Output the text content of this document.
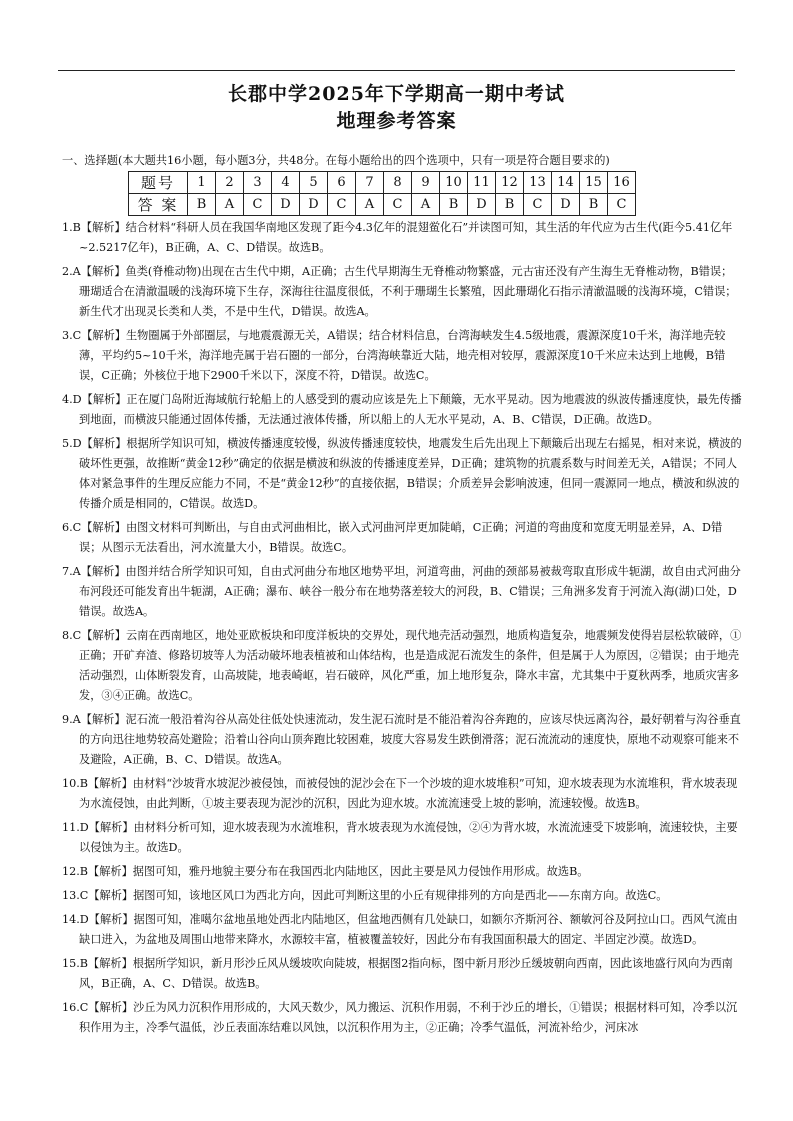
长郡中学2025年下学期高一期中考试
地理参考答案
一、选择题(本大题共16小题，每小题3分，共48分。在每小题给出的四个选项中，只有一项是符合题目要求的)
题号	1	2	3	4	5	6	7	8	9	10	11	12	13	14	15	16
答 案	B	A	C	D	D	C	A	C	A	B	D	B	C	D	B	C

1.B【解析】结合材料“科研人员在我国华南地区发现了距今4.3亿年的混翅鲎化石”并读图可知，其生活的年代应为古生代(距今5.41亿年~2.5217亿年)，B正确，A、C、D错误。故选B。

2.A【解析】鱼类(脊椎动物)出现在古生代中期，A正确；古生代早期海生无脊椎动物繁盛，元古宙还没有产生海生无脊椎动物，B错误；珊瑚适合在清澈温暖的浅海环境下生存，深海往往温度很低，不利于珊瑚生长繁殖，因此珊瑚化石指示清澈温暖的浅海环境，C错误；新生代才出现灵长类和人类，不是中生代，D错误。故选A。

3.C【解析】生物圈属于外部圈层，与地震震源无关，A错误；结合材料信息，台湾海峡发生4.5级地震，震源深度10千米，海洋地壳较薄，平均约5~10千米，海洋地壳属于岩石圈的一部分，台湾海峡靠近大陆，地壳相对较厚，震源深度10千米应未达到上地幔，B错误，C正确；外核位于地下2900千米以下，深度不符，D错误。故选C。

4.D【解析】正在厦门岛附近海域航行轮船上的人感受到的震动应该是先上下颠簸，无水平晃动。因为地震波的纵波传播速度快，最先传播到地面，而横波只能通过固体传播，无法通过液体传播，所以船上的人无水平晃动，A、B、C错误，D正确。故选D。

5.D【解析】根据所学知识可知，横波传播速度较慢，纵波传播速度较快，地震发生后先出现上下颠簸后出现左右摇晃，相对来说，横波的破坏性更强，故推断“黄金12秒”确定的依据是横波和纵波的传播速度差异，D正确；建筑物的抗震系数与时间差无关，A错误；不同人体对紧急事件的生理反应能力不同，不是“黄金12秒”的直接依据，B错误；介质差异会影响波速，但同一震源同一地点，横波和纵波的传播介质是相同的，C错误。故选D。

6.C【解析】由图文材料可判断出，与自由式河曲相比，嵌入式河曲河岸更加陡峭，C正确；河道的弯曲度和宽度无明显差异，A、D错误；从图示无法看出，河水流量大小，B错误。故选C。

7.A【解析】由图并结合所学知识可知，自由式河曲分布地区地势平坦，河道弯曲，河曲的颈部易被裁弯取直形成牛轭湖，故自由式河曲分布河段还可能发育出牛轭湖，A正确；瀑布、峡谷一般分布在地势落差较大的河段，B、C错误；三角洲多发育于河流入海(湖)口处，D错误。故选A。

8.C【解析】云南在西南地区，地处亚欧板块和印度洋板块的交界处，现代地壳活动强烈，地质构造复杂，地震频发使得岩层松软破碎，①正确；开矿弃渣、修路切坡等人为活动破坏地表植被和山体结构，也是造成泥石流发生的条件，但是属于人为原因，②错误；由于地壳活动强烈，山体断裂发育，山高坡陡，地表崎岖，岩石破碎，风化严重，加上地形复杂，降水丰富，尤其集中于夏秋两季，地质灾害多发，③④正确。故选C。

9.A【解析】泥石流一般沿着沟谷从高处往低处快速流动，发生泥石流时是不能沿着沟谷奔跑的，应该尽快远离沟谷，最好朝着与沟谷垂直的方向迅往地势较高处避险；沿着山谷向山顶奔跑比较困难，坡度大容易发生跌倒滑落；泥石流流动的速度快，原地不动观察可能来不及避险，A正确，B、C、D错误。故选A。

10.B【解析】由材料“沙坡背水坡泥沙被侵蚀，而被侵蚀的泥沙会在下一个沙坡的迎水坡堆积”可知，迎水坡表现为水流堆积，背水坡表现为水流侵蚀，由此判断，①坡主要表现为泥沙的沉积，因此为迎水坡。水流流速受上坡的影响，流速较慢。故选B。

11.D【解析】由材料分析可知，迎水坡表现为水流堆积，背水坡表现为水流侵蚀，②④为背水坡，水流流速受下坡影响，流速较快，主要以侵蚀为主。故选D。

12.B【解析】据图可知，雅丹地貌主要分布在我国西北内陆地区，因此主要是风力侵蚀作用形成。故选B。

13.C【解析】据图可知，该地区风口为西北方向，因此可判断这里的小丘有规律排列的方向是西北——东南方向。故选C。

14.D【解析】据图可知，准噶尔盆地虽地处西北内陆地区，但盆地西侧有几处缺口，如额尔齐斯河谷、额敏河谷及阿拉山口。西风气流由缺口进入，为盆地及周围山地带来降水，水源较丰富，植被覆盖较好，因此分布有我国面积最大的固定、半固定沙漠。故选D。

15.B【解析】根据所学知识，新月形沙丘风从缓坡吹向陡坡，根据图2指向标，图中新月形沙丘缓坡朝向西南，因此该地盛行风向为西南风，B正确，A、C、D错误。故选B。

16.C【解析】沙丘为风力沉积作用形成的，大风天数少，风力搬运、沉积作用弱，不利于沙丘的增长，①错误；根据材料可知，冷季以沉积作用为主，冷季气温低，沙丘表面冻结难以风蚀，以沉积作用为主，②正确；冷季气温低，河流补给少，河床冰
